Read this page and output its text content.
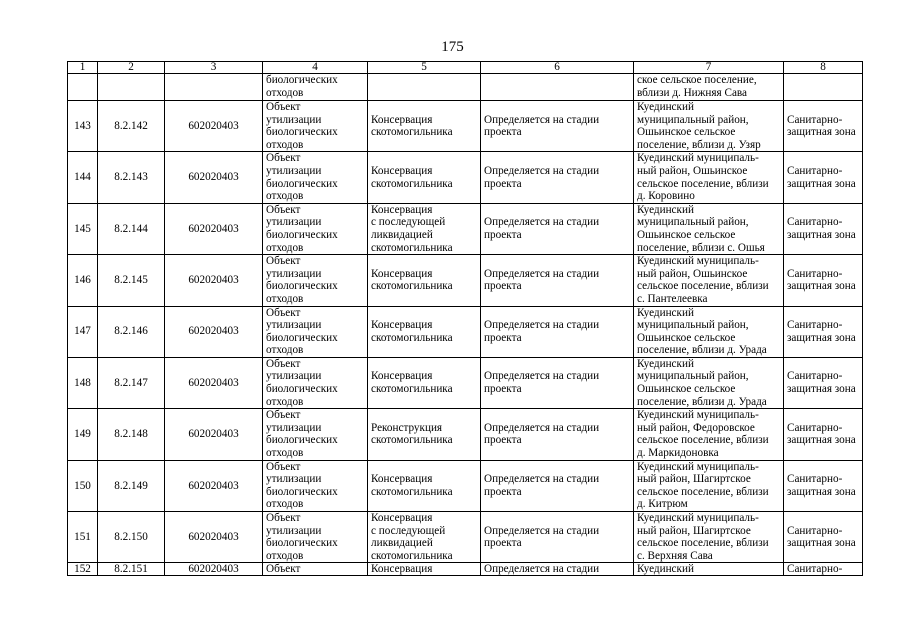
175
1	2	3	4	5	6	7	8

			биологических
отходов			ское сельское поселение,
вблизи д. Нижняя Сава	

143	8.2.142	602020403	Объект
утилизации
биологических
отходов	Консервация
скотомогильника	Определяется на стадии
проекта	Куединский
муниципальный район,
Ошьинское сельское
поселение, вблизи д. Узяр	Санитарно-
защитная зона

144	8.2.143	602020403	Объект
утилизации
биологических
отходов	Консервация
скотомогильника	Определяется на стадии
проекта	Куединский муниципаль-
ный район, Ошьинское
сельское поселение, вблизи
д. Коровино	Санитарно-
защитная зона

145	8.2.144	602020403	Объект
утилизации
биологических
отходов	Консервация
с последующей
ликвидацией
скотомогильника	Определяется на стадии
проекта	Куединский
муниципальный район,
Ошьинское сельское
поселение, вблизи с. Ошья	Санитарно-
защитная зона

146	8.2.145	602020403	Объект
утилизации
биологических
отходов	Консервация
скотомогильника	Определяется на стадии
проекта	Куединский муниципаль-
ный район, Ошьинское
сельское поселение, вблизи
с. Пантелеевка	Санитарно-
защитная зона

147	8.2.146	602020403	Объект
утилизации
биологических
отходов	Консервация
скотомогильника	Определяется на стадии
проекта	Куединский
муниципальный район,
Ошьинское сельское
поселение, вблизи д. Урада	Санитарно-
защитная зона

148	8.2.147	602020403	Объект
утилизации
биологических
отходов	Консервация
скотомогильника	Определяется на стадии
проекта	Куединский
муниципальный район,
Ошьинское сельское
поселение, вблизи д. Урада	Санитарно-
защитная зона

149	8.2.148	602020403	Объект
утилизации
биологических
отходов	Реконструкция
скотомогильника	Определяется на стадии
проекта	Куединский муниципаль-
ный район, Федоровское
сельское поселение, вблизи
д. Маркидоновка	Санитарно-
защитная зона

150	8.2.149	602020403	Объект
утилизации
биологических
отходов	Консервация
скотомогильника	Определяется на стадии
проекта	Куединский муниципаль-
ный район, Шагиртское
сельское поселение, вблизи
д. Китрюм	Санитарно-
защитная зона

151	8.2.150	602020403	Объект
утилизации
биологических
отходов	Консервация
с последующей
ликвидацией
скотомогильника	Определяется на стадии
проекта	Куединский муниципаль-
ный район, Шагиртское
сельское поселение, вблизи
с. Верхняя Сава	Санитарно-
защитная зона

152	8.2.151	602020403	Объект	Консервация	Определяется на стадии	Куединский	Санитарно-
